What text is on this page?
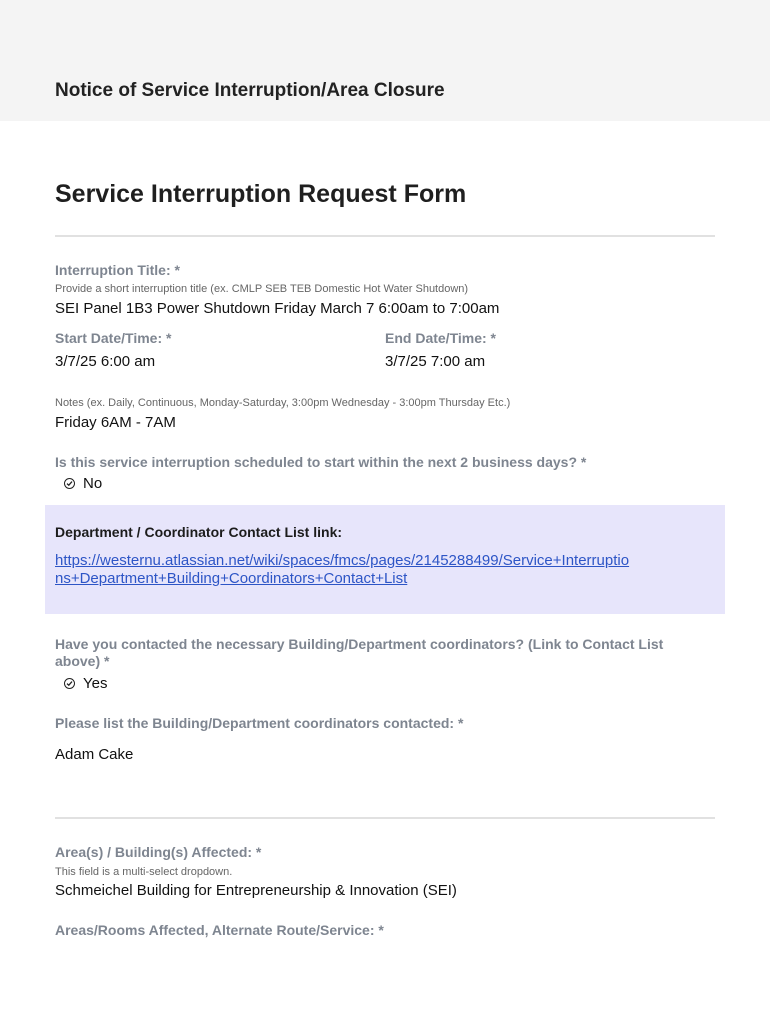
Notice of Service Interruption/Area Closure
Service Interruption Request Form
Interruption Title: *
Provide a short interruption title (ex. CMLP SEB TEB Domestic Hot Water Shutdown)
SEI Panel 1B3 Power Shutdown Friday March 7 6:00am to 7:00am
Start Date/Time: *
3/7/25 6:00 am
End Date/Time: *
3/7/25 7:00 am
Notes (ex. Daily, Continuous, Monday-Saturday, 3:00pm Wednesday - 3:00pm Thursday Etc.)
Friday 6AM - 7AM
Is this service interruption scheduled to start within the next 2 business days? *
No
Department / Coordinator Contact List link:
https://westernu.atlassian.net/wiki/spaces/fmcs/pages/2145288499/Service+Interruptions+Department+Building+Coordinators+Contact+List
Have you contacted the necessary Building/Department coordinators? (Link to Contact List above) *
Yes
Please list the Building/Department coordinators contacted: *
Adam Cake
Area(s) / Building(s) Affected: *
This field is a multi-select dropdown.
Schmeichel Building for Entrepreneurship & Innovation (SEI)
Areas/Rooms Affected, Alternate Route/Service: *
